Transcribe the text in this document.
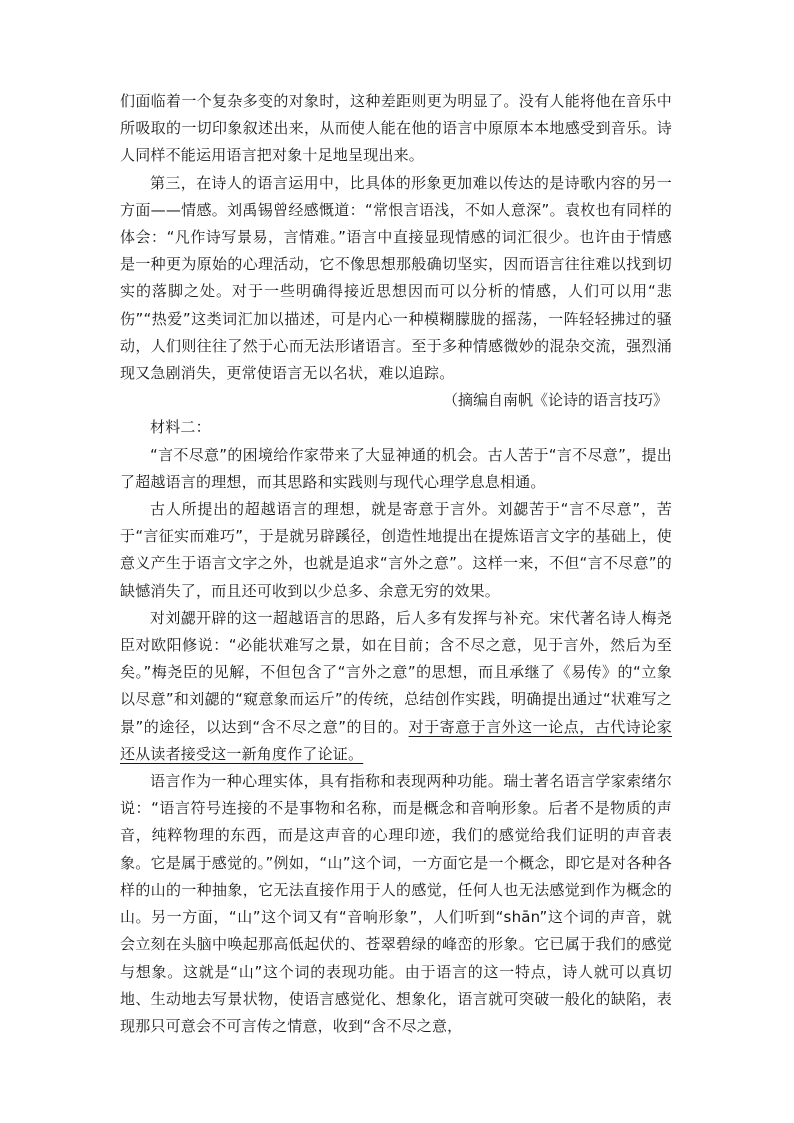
们面临着一个复杂多变的对象时，这种差距则更为明显了。没有人能将他在音乐中所吸取的一切印象叙述出来，从而使人能在他的语言中原原本本地感受到音乐。诗人同样不能运用语言把对象十足地呈现出来。

第三，在诗人的语言运用中，比具体的形象更加难以传达的是诗歌内容的另一方面——情感。刘禹锡曾经感慨道：“常恨言语浅，不如人意深”。袁枚也有同样的体会：“凡作诗写景易，言情难。”语言中直接显现情感的词汇很少。也许由于情感是一种更为原始的心理活动，它不像思想那般确切坚实，因而语言往往难以找到切实的落脚之处。对于一些明确得接近思想因而可以分析的情感，人们可以用“悲伤”“热爱”这类词汇加以描述，可是内心一种模糊朦胧的摇荡，一阵轻轻拂过的骚动，人们则往往了然于心而无法形诸语言。至于多种情感微妙的混杂交流，强烈涌现又急剧消失，更常使语言无以名状，难以追踪。

（摘编自南帆《论诗的语言技巧》

材料二：

“言不尽意”的困境给作家带来了大显神通的机会。古人苦于“言不尽意”，提出了超越语言的理想，而其思路和实践则与现代心理学息息相通。

古人所提出的超越语言的理想，就是寄意于言外。刘勰苦于“言不尽意”，苦于“言征实而难巧”，于是就另辟蹊径，创造性地提出在提炼语言文字的基础上，使意义产生于语言文字之外，也就是追求“言外之意”。这样一来，不但“言不尽意”的缺憾消失了，而且还可收到以少总多、余意无穷的效果。

对刘勰开辟的这一超越语言的思路，后人多有发挥与补充。宋代著名诗人梅尧臣对欧阳修说：“必能状难写之景，如在目前；含不尽之意，见于言外，然后为至矣。”梅尧臣的见解，不但包含了“言外之意”的思想，而且承继了《易传》的“立象以尽意”和刘勰的“窥意象而运斤”的传统，总结创作实践，明确提出通过“状难写之景”的途径，以达到“含不尽之意”的目的。对于寄意于言外这一论点，古代诗论家还从读者接受这一新角度作了论证。

语言作为一种心理实体，具有指称和表现两种功能。瑞士著名语言学家索绪尔说：“语言符号连接的不是事物和名称，而是概念和音响形象。后者不是物质的声音，纯粹物理的东西，而是这声音的心理印迹，我们的感觉给我们证明的声音表象。它是属于感觉的。”例如，“山”这个词，一方面它是一个概念，即它是对各种各样的山的一种抽象，它无法直接作用于人的感觉，任何人也无法感觉到作为概念的山。另一方面，“山”这个词又有“音响形象”，人们听到“shān”这个词的声音，就会立刻在头脑中唤起那高低起伏的、苍翠碧绿的峰峦的形象。它已属于我们的感觉与想象。这就是“山”这个词的表现功能。由于语言的这一特点，诗人就可以真切地、生动地去写景状物，使语言感觉化、想象化，语言就可突破一般化的缺陷，表现那只可意会不可言传之情意，收到“含不尽之意，
